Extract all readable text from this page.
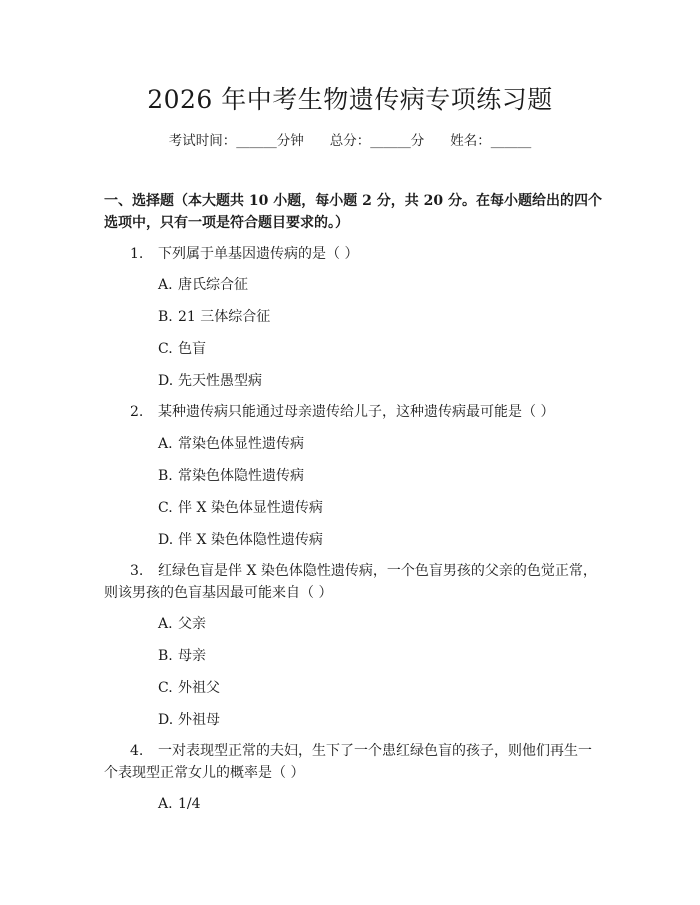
2026 年中考生物遗传病专项练习题
考试时间：______分钟 总分：______分 姓名：______
一、选择题（本大题共 10 小题，每小题 2 分，共 20 分。在每小题给出的四个选项中，只有一项是符合题目要求的。）
1. 下列属于单基因遗传病的是（ ）
A. 唐氏综合征
B. 21 三体综合征
C. 色盲
D. 先天性愚型病
2. 某种遗传病只能通过母亲遗传给儿子，这种遗传病最可能是（ ）
A. 常染色体显性遗传病
B. 常染色体隐性遗传病
C. 伴 X 染色体显性遗传病
D. 伴 X 染色体隐性遗传病
3. 红绿色盲是伴 X 染色体隐性遗传病，一个色盲男孩的父亲的色觉正常，则该男孩的色盲基因最可能来自（ ）
A. 父亲
B. 母亲
C. 外祖父
D. 外祖母
4. 一对表现型正常的夫妇，生下了一个患红绿色盲的孩子，则他们再生一个表现型正常女儿的概率是（ ）
A. 1/4
